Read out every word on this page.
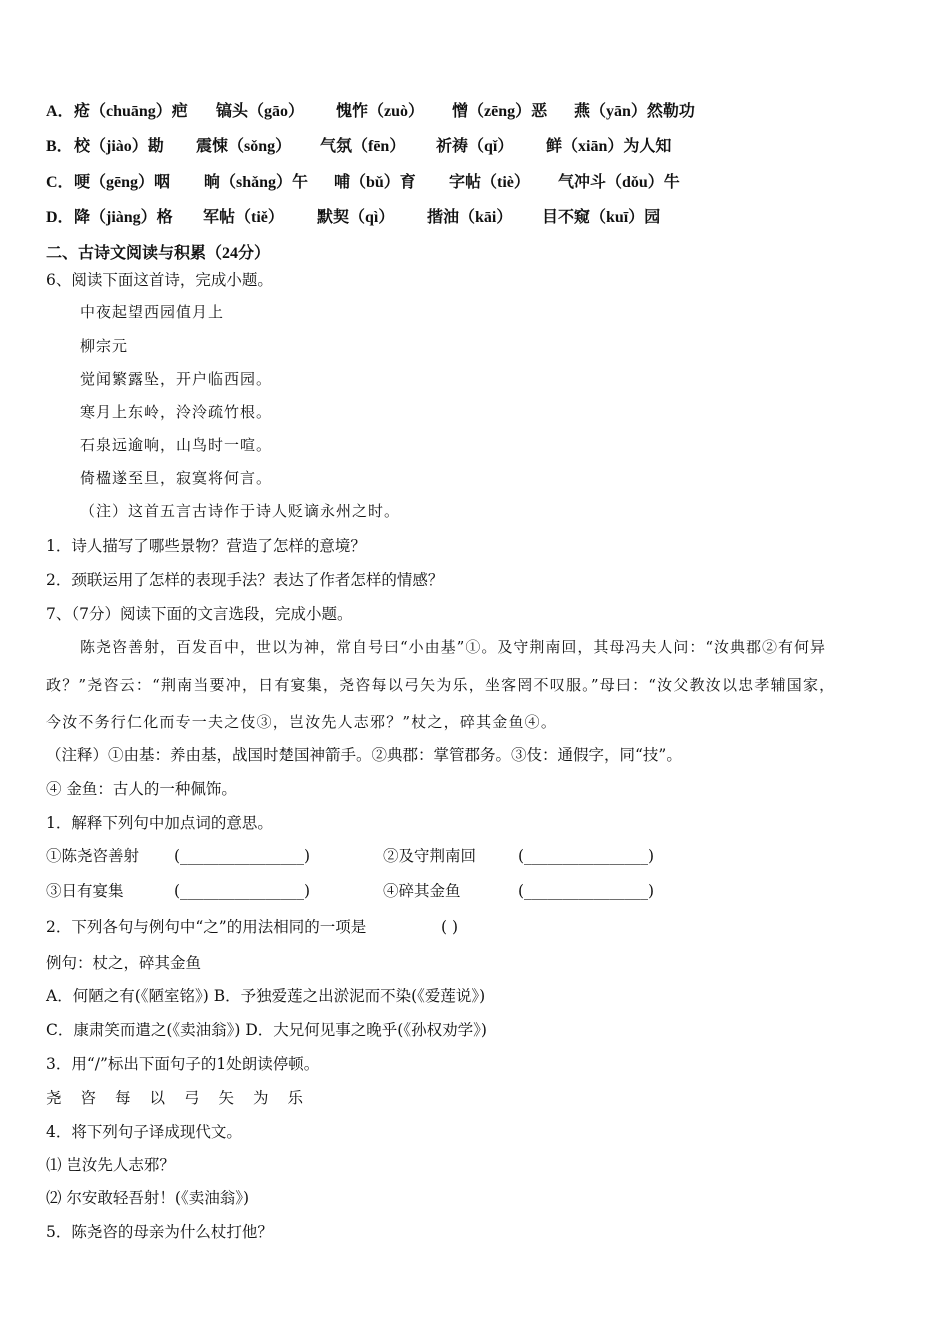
A． 疮（chuāng）疤 镐头（gāo） 愧怍（zuò） 憎（zēng）恶 燕（yān）然勒功
B． 校（jiào）勘 震悚（sǒng） 气氛（fēn） 祈祷（qǐ） 鲜（xiān）为人知
C． 哽（gēng）咽 晌（shǎng）午 哺（bǔ）育 字帖（tiè） 气冲斗（dǒu）牛
D． 降（jiàng）格 军帖（tiě） 默契（qì） 揩油（kāi） 目不窥（kuī）园
二、古诗文阅读与积累（24分）
6、阅读下面这首诗，完成小题。
中夜起望西园值月上
柳宗元
觉闻繁露坠，开户临西园。
寒月上东岭，泠泠疏竹根。
石泉远逾响，山鸟时一喧。
倚楹遂至旦，寂寞将何言。
（注）这首五言古诗作于诗人贬谪永州之时。
1．诗人描写了哪些景物？营造了怎样的意境？
2．颈联运用了怎样的表现手法？表达了作者怎样的情感？
7、（7分）阅读下面的文言选段，完成小题。
陈尧咨善射，百发百中，世以为神，常自号曰“小由基”①。及守荆南回，其母冯夫人问：“汝典郡②有何异
政？”尧咨云：“荆南当要冲，日有宴集，尧咨每以弓矢为乐，坐客罔不叹服。”母曰：“汝父教汝以忠孝辅国家，
今汝不务行仁化而专一夫之伎③，岂汝先人志邪？”杖之，碎其金鱼④。
（注释）①由基：养由基，战国时楚国神箭手。②典郡：掌管郡务。③伎：通假字，同“技”。
④ 金鱼：古人的一种佩饰。
1．解释下列句中加点词的意思。
①陈尧咨善射 (________________)	②及守荆南回	(________________)
③日有宴集	(________________)	④碎其金鱼	(________________)
2．下列各句与例句中“之”的用法相同的一项是	( )
例句：杖之，碎其金鱼
A．何陋之有(《陋室铭》) B．予独爱莲之出淤泥而不染(《爱莲说》)
C．康肃笑而遣之(《卖油翁》) D．大兄何见事之晚乎(《孙权劝学》)
3．用“/”标出下面句子的1处朗读停顿。
尧咨每以弓矢为乐
4．将下列句子译成现代文。
⑴ 岂汝先人志邪？
⑵ 尔安敢轻吾射！(《卖油翁》)
5．陈尧咨的母亲为什么杖打他？
